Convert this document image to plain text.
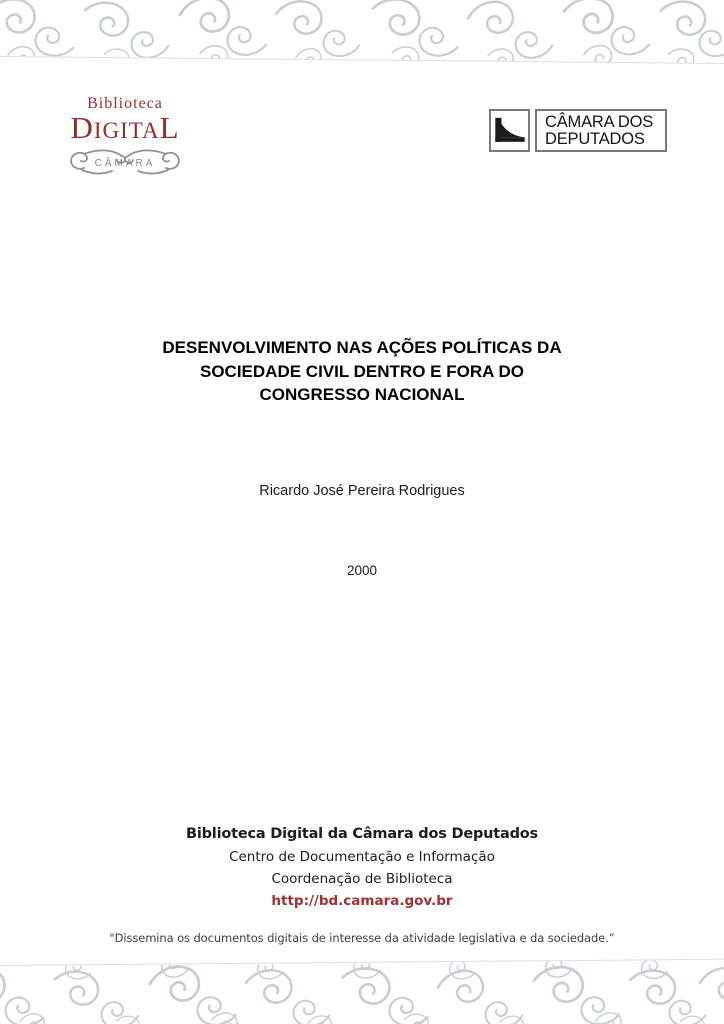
Biblioteca
DIGITAL
CÂMARA
CÂMARA DOS
DEPUTADOS
DESENVOLVIMENTO NAS AÇÕES POLÍTICAS DA
SOCIEDADE CIVIL DENTRO E FORA DO
CONGRESSO NACIONAL
Ricardo José Pereira Rodrigues
2000
Biblioteca Digital da Câmara dos Deputados
Centro de Documentação e Informação
Coordenação de Biblioteca
http://bd.camara.gov.br
"Dissemina os documentos digitais de interesse da atividade legislativa e da sociedade.”
